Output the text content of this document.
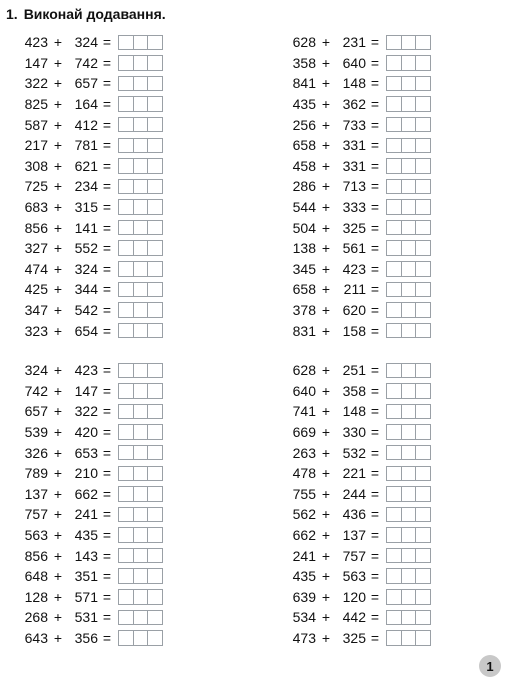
1. Виконай додавання.
423 + 324 =
147 + 742 =
322 + 657 =
825 + 164 =
587 + 412 =
217 + 781 =
308 + 621 =
725 + 234 =
683 + 315 =
856 + 141 =
327 + 552 =
474 + 324 =
425 + 344 =
347 + 542 =
323 + 654 =
628 + 231 =
358 + 640 =
841 + 148 =
435 + 362 =
256 + 733 =
658 + 331 =
458 + 331 =
286 + 713 =
544 + 333 =
504 + 325 =
138 + 561 =
345 + 423 =
658 + 211 =
378 + 620 =
831 + 158 =
324 + 423 =
742 + 147 =
657 + 322 =
539 + 420 =
326 + 653 =
789 + 210 =
137 + 662 =
757 + 241 =
563 + 435 =
856 + 143 =
648 + 351 =
128 + 571 =
268 + 531 =
643 + 356 =
628 + 251 =
640 + 358 =
741 + 148 =
669 + 330 =
263 + 532 =
478 + 221 =
755 + 244 =
562 + 436 =
662 + 137 =
241 + 757 =
435 + 563 =
639 + 120 =
534 + 442 =
473 + 325 =
1
